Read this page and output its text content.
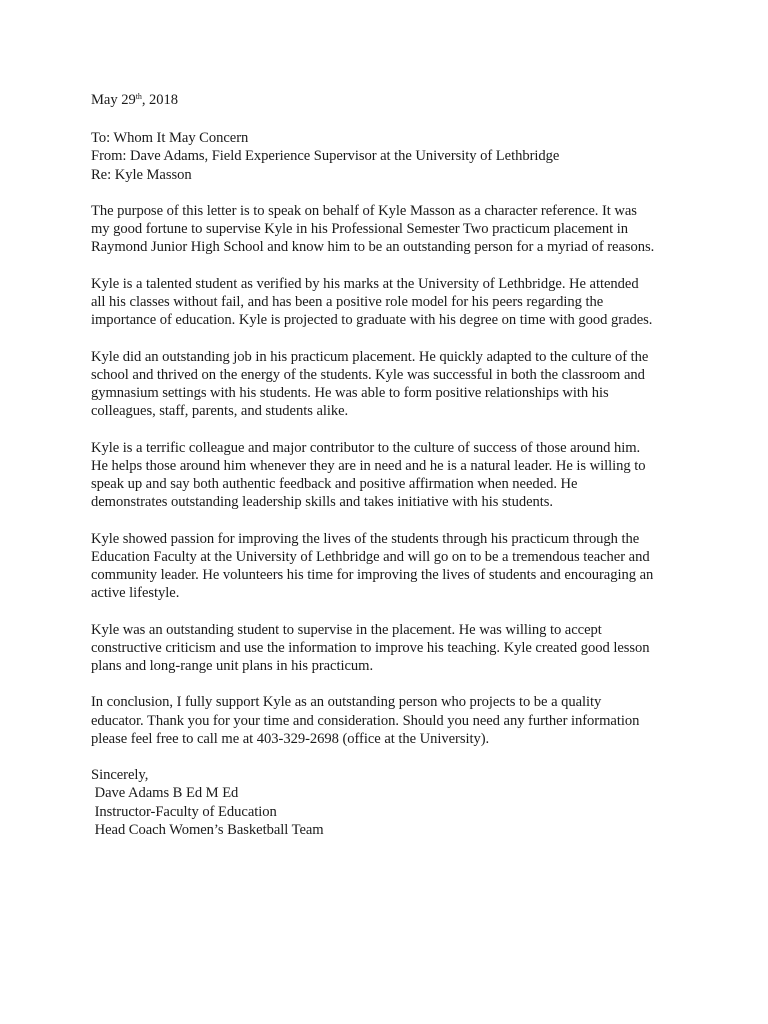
May 29th, 2018
To: Whom It May Concern
From: Dave Adams, Field Experience Supervisor at the University of Lethbridge
Re: Kyle Masson
The purpose of this letter is to speak on behalf of Kyle Masson as a character reference. It was
my good fortune to supervise Kyle in his Professional Semester Two practicum placement in
Raymond Junior High School and know him to be an outstanding person for a myriad of reasons.
Kyle is a talented student as verified by his marks at the University of Lethbridge. He attended
all his classes without fail, and has been a positive role model for his peers regarding the
importance of education. Kyle is projected to graduate with his degree on time with good grades.
Kyle did an outstanding job in his practicum placement. He quickly adapted to the culture of the
school and thrived on the energy of the students. Kyle was successful in both the classroom and
gymnasium settings with his students. He was able to form positive relationships with his
colleagues, staff, parents, and students alike.
Kyle is a terrific colleague and major contributor to the culture of success of those around him.
He helps those around him whenever they are in need and he is a natural leader. He is willing to
speak up and say both authentic feedback and positive affirmation when needed. He
demonstrates outstanding leadership skills and takes initiative with his students.
Kyle showed passion for improving the lives of the students through his practicum through the
Education Faculty at the University of Lethbridge and will go on to be a tremendous teacher and
community leader. He volunteers his time for improving the lives of students and encouraging an
active lifestyle.
Kyle was an outstanding student to supervise in the placement. He was willing to accept
constructive criticism and use the information to improve his teaching. Kyle created good lesson
plans and long-range unit plans in his practicum.
In conclusion, I fully support Kyle as an outstanding person who projects to be a quality
educator. Thank you for your time and consideration. Should you need any further information
please feel free to call me at 403-329-2698 (office at the University).
Sincerely,
Dave Adams B Ed M Ed
Instructor-Faculty of Education
Head Coach Women’s Basketball Team
